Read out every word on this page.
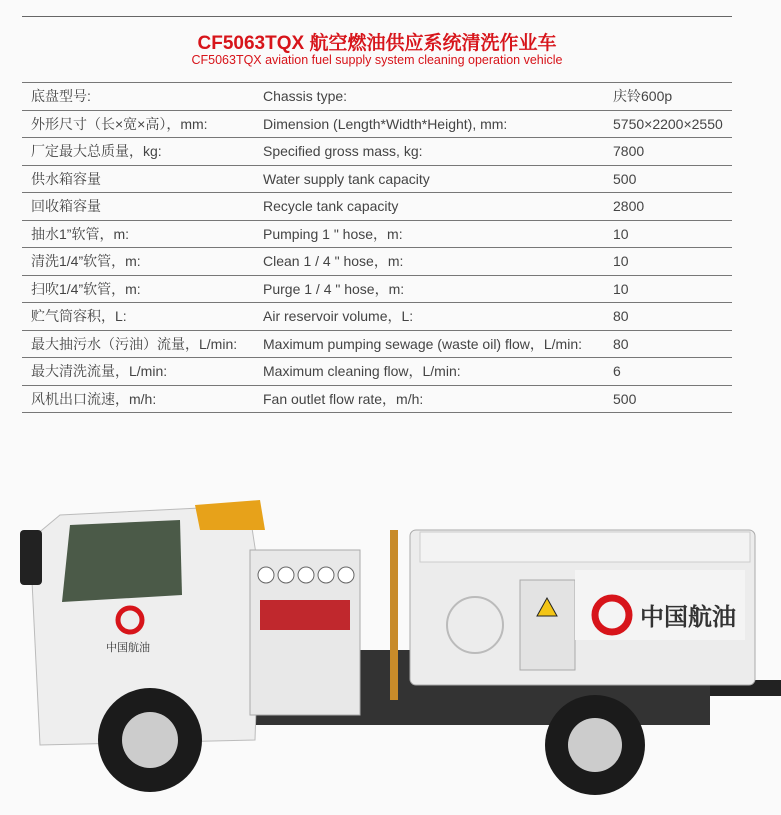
CF5063TQX 航空燃油供应系统清洗作业车
CF5063TQX aviation fuel supply system cleaning operation vehicle
底盘型号:	Chassis type:	庆铃600p
外形尺寸（长×宽×高），mm:	Dimension (Length*Width*Height), mm:	5750×2200×2550
厂定最大总质量，kg:	Specified gross mass, kg:	7800
供水箱容量	Water supply tank capacity	500
回收箱容量	Recycle tank capacity	2800
抽水1”软管，m:	Pumping 1 " hose，m:	10
清洗1/4”软管，m:	Clean 1 / 4 " hose，m:	10
扫吹1/4”软管，m:	Purge 1 / 4 " hose，m:	10
贮气筒容积，L:	Air reservoir volume，L:	80
最大抽污水（污油）流量，L/min:	Maximum pumping sewage (waste oil) flow，L/min:	80
最大清洗流量，L/min:	Maximum cleaning flow，L/min:	6
风机出口流速，m/h:	Fan outlet flow rate，m/h:	500
中国航油
中国航油
